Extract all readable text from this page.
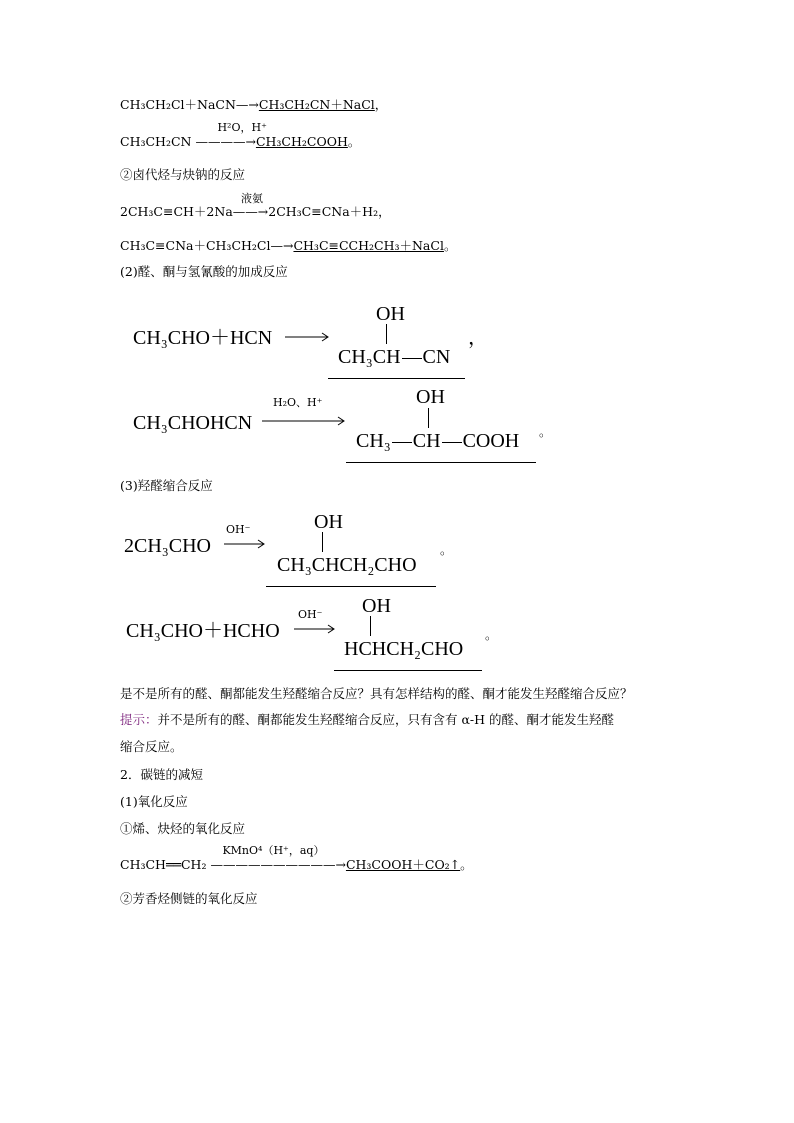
CH₃CH₂Cl＋NaCN—→CH₃CH₂CN＋NaCl，
CH₃CH₂CN
H²O，H⁺
————→CH₃CH₂COOH。
②卤代烃与炔钠的反应
液氨
2CH₃C≡CH＋2Na——→2CH₃C≡CNa＋H₂，
CH₃C≡CNa＋CH₃CH₂Cl—→CH₃C≡CCH₂CH₃＋NaCl。
(2)醛、酮与氢氰酸的加成反应
CH₃CHO＋HCN →
OH
CH₃CH CN
，
CH₃CHOHCN
H₂O、H⁺	OH
CH₃ CH COOH 。
(3)羟醛缩合反应
2CH₃CHO
OH⁻	OH
CH₃CHCH₂CHO
。
CH₃CHO＋HCHO
OH⁻ OH
HCHCH₂CHO
。
是不是所有的醛、酮都能发生羟醛缩合反应？具有怎样结构的醛、酮才能发生羟醛缩合反应？
提示：并不是所有的醛、酮都能发生羟醛缩合反应，只有含有 α-H 的醛、酮才能发生羟醛
缩合反应。
2．碳链的减短
(1)氧化反应
①烯、炔烃的氧化反应
CH₃CH══CH₂
KMnO⁴（H⁺，aq）
——————————→CH₃COOH＋CO₂↑。
②芳香烃侧链的氧化反应
